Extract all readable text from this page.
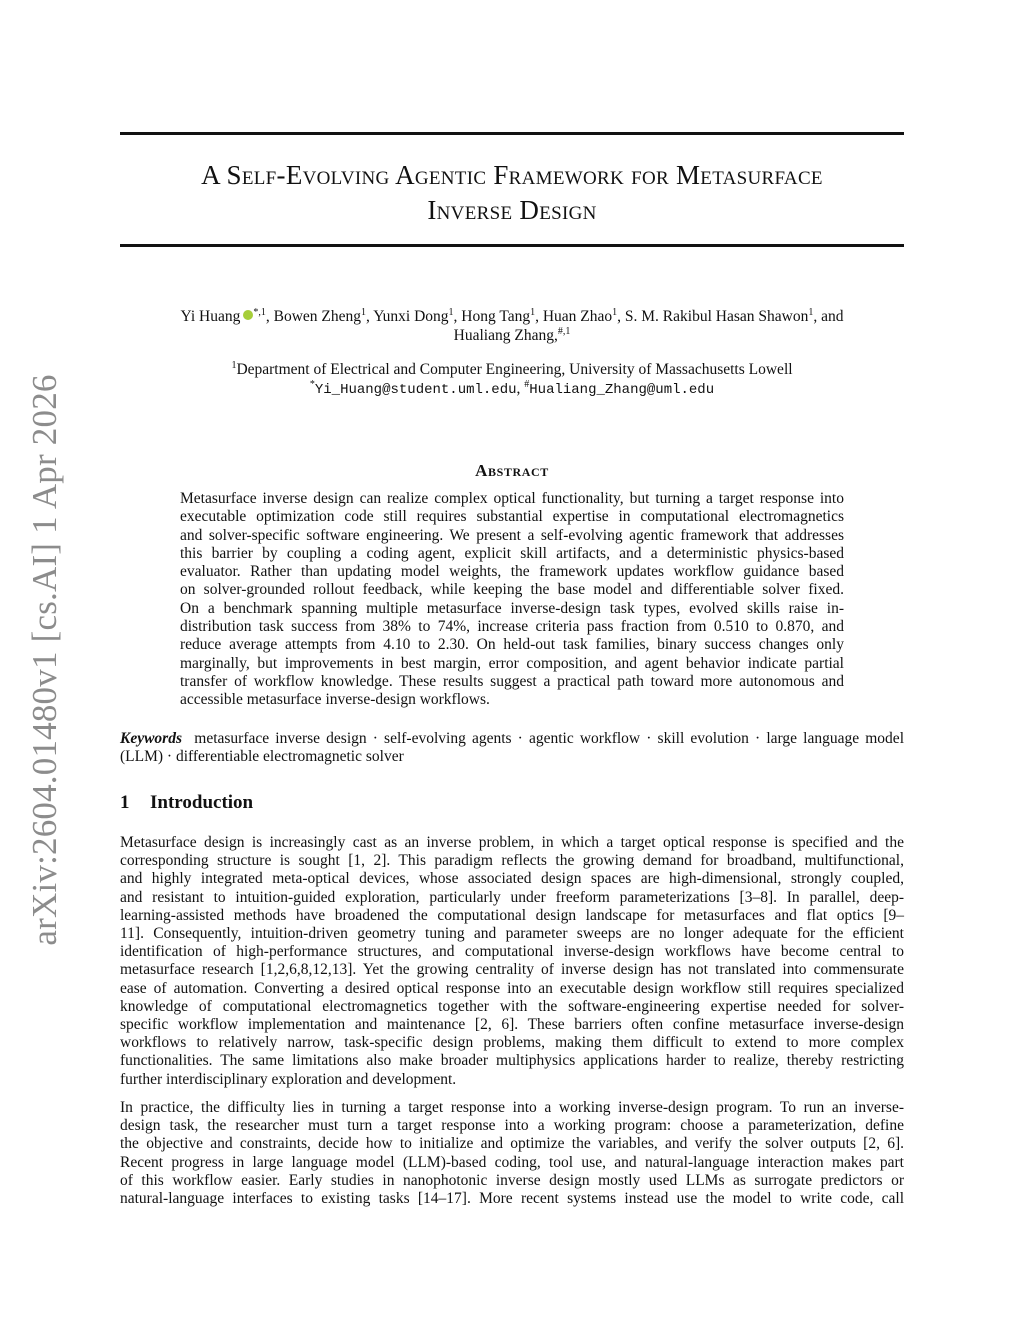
arXiv:2604.01480v1 [cs.AI] 1 Apr 2026
A Self-Evolving Agentic Framework for Metasurface
Inverse Design
Yi Huang $^{*,1}$, Bowen Zheng$^1$, Yunxi Dong$^1$, Hong Tang$^1$, Huan Zhao$^1$, S. M. Rakibul Hasan Shawon$^1$, and
Hualiang Zhang,$^{\#,1}$
$^1$Department of Electrical and Computer Engineering, University of Massachusetts Lowell
*Yi_Huang@student.uml.edu, #Hualiang_Zhang@uml.edu
Abstract
Metasurface inverse design can realize complex optical functionality, but turning a target response into
executable optimization code still requires substantial expertise in computational electromagnetics
and solver-specific software engineering. We present a self-evolving agentic framework that addresses
this barrier by coupling a coding agent, explicit skill artifacts, and a deterministic physics-based
evaluator. Rather than updating model weights, the framework updates workflow guidance based
on solver-grounded rollout feedback, while keeping the base model and differentiable solver fixed.
On a benchmark spanning multiple metasurface inverse-design task types, evolved skills raise in-
distribution task success from 38% to 74%, increase criteria pass fraction from 0.510 to 0.870, and
reduce average attempts from 4.10 to 2.30. On held-out task families, binary success changes only
marginally, but improvements in best margin, error composition, and agent behavior indicate partial
transfer of workflow knowledge. These results suggest a practical path toward more autonomous and
accessible metasurface inverse-design workflows.
Keywords metasurface inverse design · self-evolving agents · agentic workflow · skill evolution · large language model
(LLM) · differentiable electromagnetic solver
1 Introduction
Metasurface design is increasingly cast as an inverse problem, in which a target optical response is specified and the
corresponding structure is sought [1, 2]. This paradigm reflects the growing demand for broadband, multifunctional,
and highly integrated meta-optical devices, whose associated design spaces are high-dimensional, strongly coupled,
and resistant to intuition-guided exploration, particularly under freeform parameterizations [3–8]. In parallel, deep-
learning-assisted methods have broadened the computational design landscape for metasurfaces and flat optics [9–
11]. Consequently, intuition-driven geometry tuning and parameter sweeps are no longer adequate for the efficient
identification of high-performance structures, and computational inverse-design workflows have become central to
metasurface research [1,2,6,8,12,13]. Yet the growing centrality of inverse design has not translated into commensurate
ease of automation. Converting a desired optical response into an executable design workflow still requires specialized
knowledge of computational electromagnetics together with the software-engineering expertise needed for solver-
specific workflow implementation and maintenance [2, 6]. These barriers often confine metasurface inverse-design
workflows to relatively narrow, task-specific design problems, making them difficult to extend to more complex
functionalities. The same limitations also make broader multiphysics applications harder to realize, thereby restricting
further interdisciplinary exploration and development.
In practice, the difficulty lies in turning a target response into a working inverse-design program. To run an inverse-
design task, the researcher must turn a target response into a working program: choose a parameterization, define
the objective and constraints, decide how to initialize and optimize the variables, and verify the solver outputs [2, 6].
Recent progress in large language model (LLM)-based coding, tool use, and natural-language interaction makes part
of this workflow easier. Early studies in nanophotonic inverse design mostly used LLMs as surrogate predictors or
natural-language interfaces to existing tasks [14–17]. More recent systems instead use the model to write code, call
